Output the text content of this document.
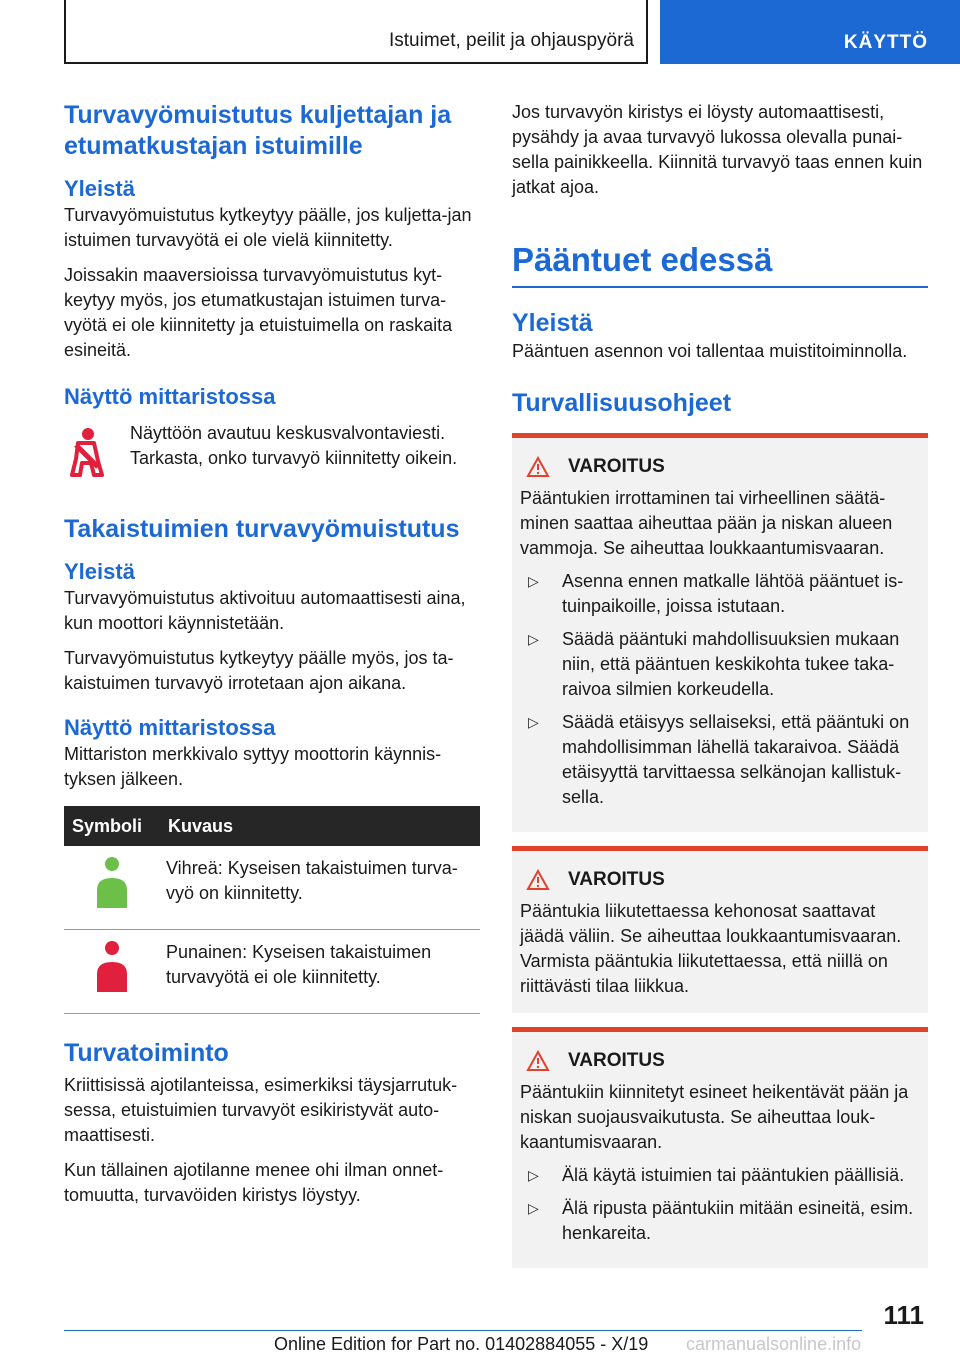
Istuimet, peilit ja ohjauspyörä	KÄYTTÖ
Turvavyömuistutus kuljettajan ja etumatkustajan istuimille
Yleistä

Turvavyömuistutus kytkeytyy päälle, jos kuljetta-jan istuimen turvavyötä ei ole vielä kiinnitetty.

Joissakin maaversioissa turvavyömuistutus kyt-keytyy myös, jos etumatkustajan istuimen turva-vyötä ei ole kiinnitetty ja etuistuimella on raskaita esineitä.

Näyttö mittaristossa

Näyttöön avautuu keskusvalvontaviesti. Tarkasta, onko turvavyö kiinnitetty oikein.

Takaistuimien turvavyömuistutus
Yleistä

Turvavyömuistutus aktivoituu automaattisesti aina, kun moottori käynnistetään.

Turvavyömuistutus kytkeytyy päälle myös, jos ta-kaistuimen turvavyö irrotetaan ajon aikana.

Näyttö mittaristossa

Mittariston merkkivalo syttyy moottorin käynnis-tyksen jälkeen.

Symboli	Kuvaus
	Vihreä: Kyseisen takaistuimen turva-vyö on kiinnitetty.
	Punainen: Kyseisen takaistuimen turvavyötä ei ole kiinnitetty.
Turvatoiminto

Kriittisissä ajotilanteissa, esimerkiksi täysjarrutuk-sessa, etuistuimien turvavyöt esikiristyvät auto-maattisesti.

Kun tällainen ajotilanne menee ohi ilman onnet-tomuutta, turvavöiden kiristys löystyy.

Jos turvavyön kiristys ei löysty automaattisesti, pysähdy ja avaa turvavyö lukossa olevalla punai-sella painikkeella. Kiinnitä turvavyö taas ennen kuin jatkat ajoa.

Pääntuet edessä
Yleistä

Pääntuen asennon voi tallentaa muistitoiminnolla.

Turvallisuusohjeet
VAROITUS

Pääntukien irrottaminen tai virheellinen säätä-minen saattaa aiheuttaa pään ja niskan alueen vammoja. Se aiheuttaa loukkaantumisvaaran.

▷	Asenna ennen matkalle lähtöä pääntuet is-tuinpaikoille, joissa istutaan.
▷	Säädä pääntuki mahdollisuuksien mukaan niin, että pääntuen keskikohta tukee taka-raivoa silmien korkeudella.
▷	Säädä etäisyys sellaiseksi, että pääntuki on mahdollisimman lähellä takaraivoa. Säädä etäisyyttä tarvittaessa selkänojan kallistuk-sella.
VAROITUS

Pääntukia liikutettaessa kehonosat saattavat jäädä väliin. Se aiheuttaa loukkaantumisvaaran. Varmista pääntukia liikutettaessa, että niillä on riittävästi tilaa liikkua.

VAROITUS

Pääntukiin kiinnitetyt esineet heikentävät pään ja niskan suojausvaikutusta. Se aiheuttaa louk-kaantumisvaaran.

▷	Älä käytä istuimien tai pääntukien päällisiä.
▷	Älä ripusta pääntukiin mitään esineitä, esim. henkareita.
111
Online Edition for Part no. 01402884055 - X/19 carmanualsonline.info
